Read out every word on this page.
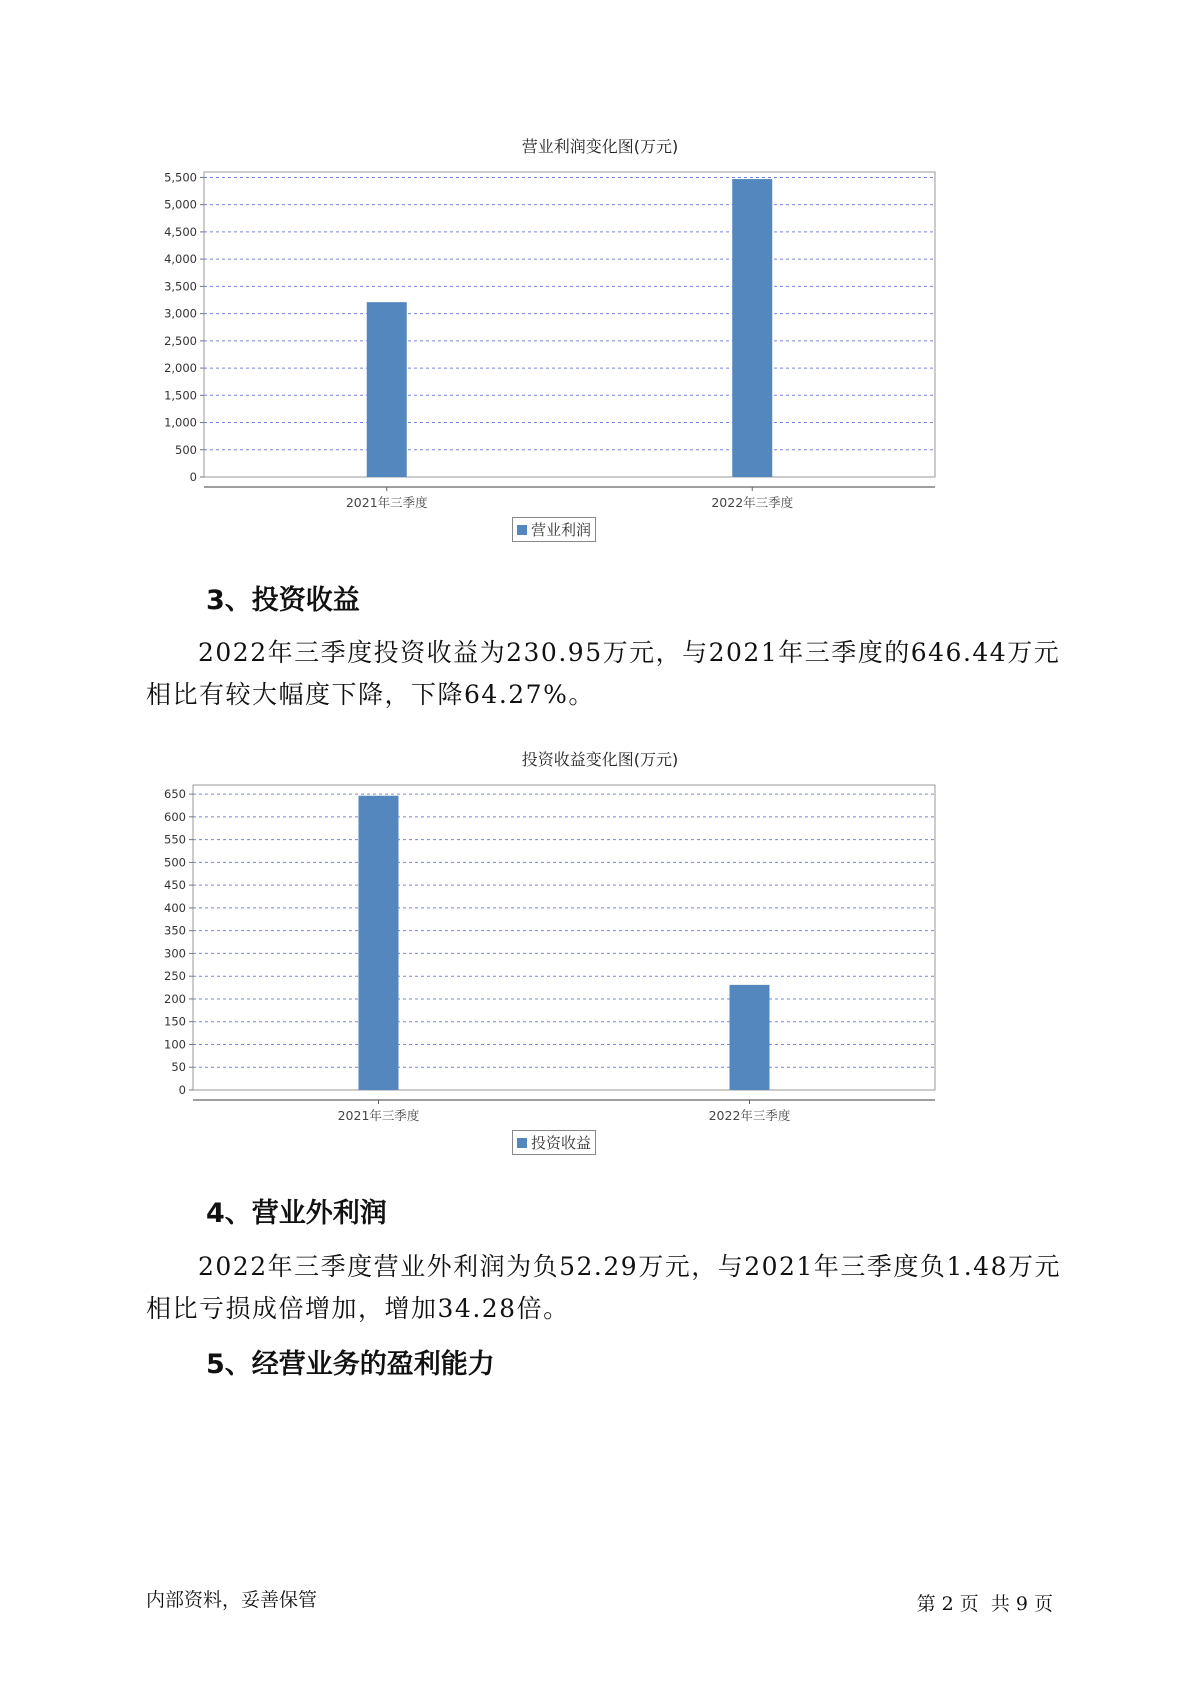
营业利润变化图(万元)
0
500
1,000
1,500
2,000
2,500
3,000
3,500
4,000
4,500
5,000
5,500
2021年三季度	2022年三季度
营业利润
3、投资收益

2022年三季度投资收益为230.95万元，与2021年三季度的646.44万元相比有较大幅度下降，下降64.27%。

投资收益变化图(万元)
0
50
100
150
200
250
300
350
400
450
500
550
600
650
2021年三季度	2022年三季度
投资收益
4、营业外利润

2022年三季度营业外利润为负52.29万元，与2021年三季度负1.48万元相比亏损成倍增加，增加34.28倍。

5、经营业务的盈利能力
内部资料，妥善保管	第 2 页  共 9 页
